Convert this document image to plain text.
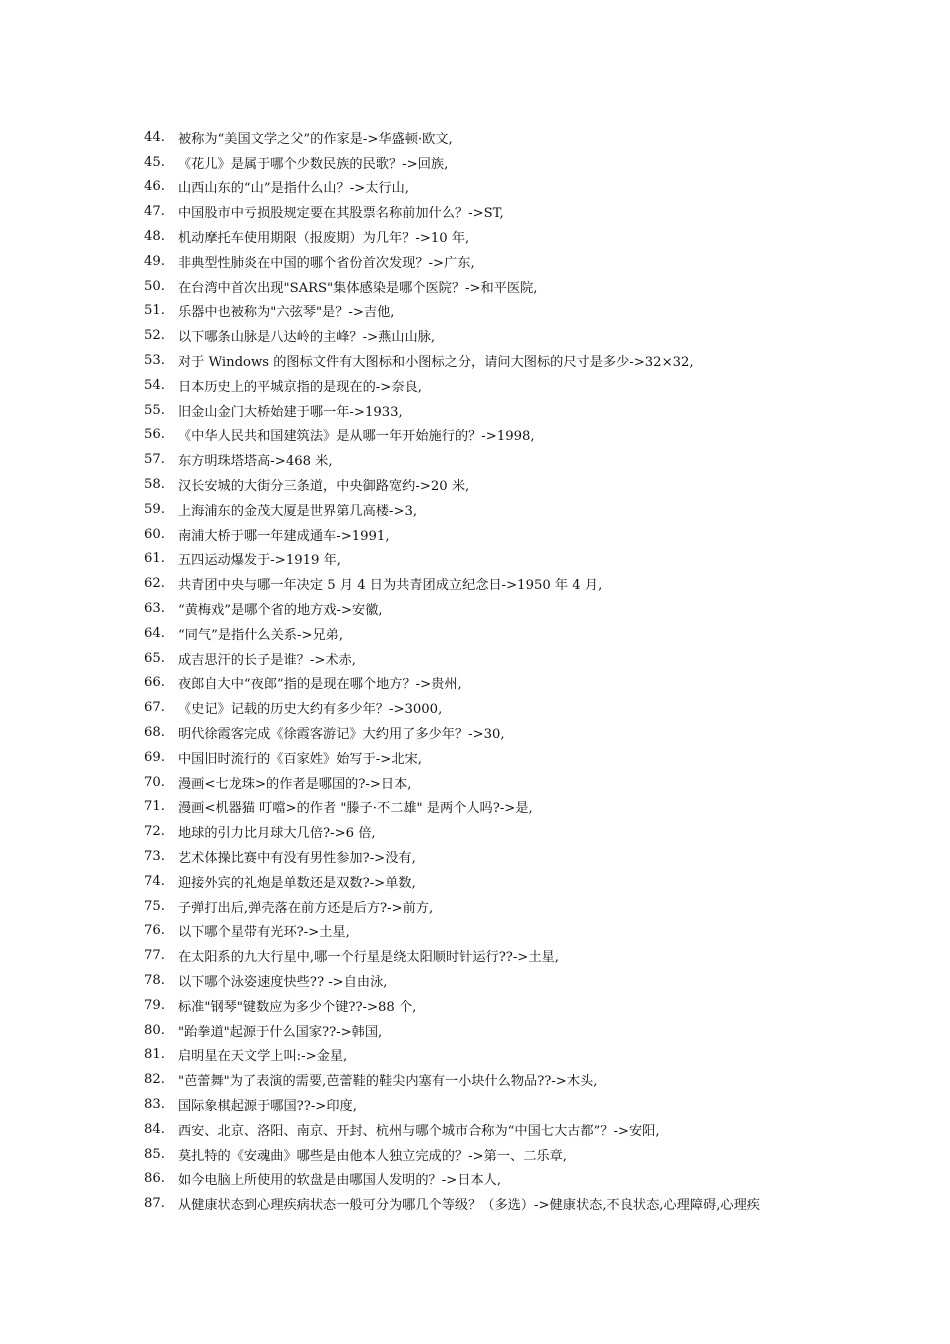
44. 被称为“美国文学之父”的作家是->华盛顿·欧文,
45. 《花儿》是属于哪个少数民族的民歌？->回族,
46. 山西山东的“山”是指什么山？->太行山,
47. 中国股市中亏损股规定要在其股票名称前加什么？->ST,
48. 机动摩托车使用期限（报废期）为几年？->10 年,
49. 非典型性肺炎在中国的哪个省份首次发现？->广东,
50. 在台湾中首次出现"SARS"集体感染是哪个医院？->和平医院,
51. 乐器中也被称为"六弦琴"是？->吉他,
52. 以下哪条山脉是八达岭的主峰？->燕山山脉,
53. 对于 Windows 的图标文件有大图标和小图标之分，请问大图标的尺寸是多少->32×32,
54. 日本历史上的平城京指的是现在的->奈良,
55. 旧金山金门大桥始建于哪一年->1933,
56. 《中华人民共和国建筑法》是从哪一年开始施行的？->1998,
57. 东方明珠塔塔高->468 米,
58. 汉长安城的大街分三条道，中央御路宽约->20 米,
59. 上海浦东的金茂大厦是世界第几高楼->3,
60. 南浦大桥于哪一年建成通车->1991,
61. 五四运动爆发于->1919 年,
62. 共青团中央与哪一年决定 5 月 4 日为共青团成立纪念日->1950 年 4 月,
63. “黄梅戏”是哪个省的地方戏->安徽,
64. “同气”是指什么关系->兄弟,
65. 成吉思汗的长子是谁？->术赤,
66. 夜郎自大中“夜郎”指的是现在哪个地方？->贵州,
67. 《史记》记载的历史大约有多少年？->3000,
68. 明代徐霞客完成《徐霞客游记》大约用了多少年？->30,
69. 中国旧时流行的《百家姓》始写于->北宋,
70. 漫画<七龙珠>的作者是哪国的?->日本,
71. 漫画<机器猫 叮噹>的作者 "滕子·不二雄" 是两个人吗?->是,
72. 地球的引力比月球大几倍?->6 倍,
73. 艺术体操比赛中有没有男性参加?->没有,
74. 迎接外宾的礼炮是单数还是双数?->单数,
75. 子弹打出后,弹壳落在前方还是后方?->前方,
76. 以下哪个星带有光环?->土星,
77. 在太阳系的九大行星中,哪一个行星是绕太阳顺时针运行??->土星,
78. 以下哪个泳姿速度快些?? ->自由泳,
79. 标准"钢琴"键数应为多少个键??->88 个,
80. "跆拳道"起源于什么国家??->韩国,
81. 启明星在天文学上叫:->金星,
82. "芭蕾舞"为了表演的需要,芭蕾鞋的鞋尖内塞有一小块什么物品??->木头,
83. 国际象棋起源于哪国??->印度,
84. 西安、北京、洛阳、南京、开封、杭州与哪个城市合称为“中国七大古都”？->安阳,
85. 莫扎特的《安魂曲》哪些是由他本人独立完成的？->第一、二乐章,
86. 如今电脑上所使用的软盘是由哪国人发明的？->日本人,
87. 从健康状态到心理疾病状态一般可分为哪几个等级？（多选）->健康状态,不良状态,心理障碍,心理疾
